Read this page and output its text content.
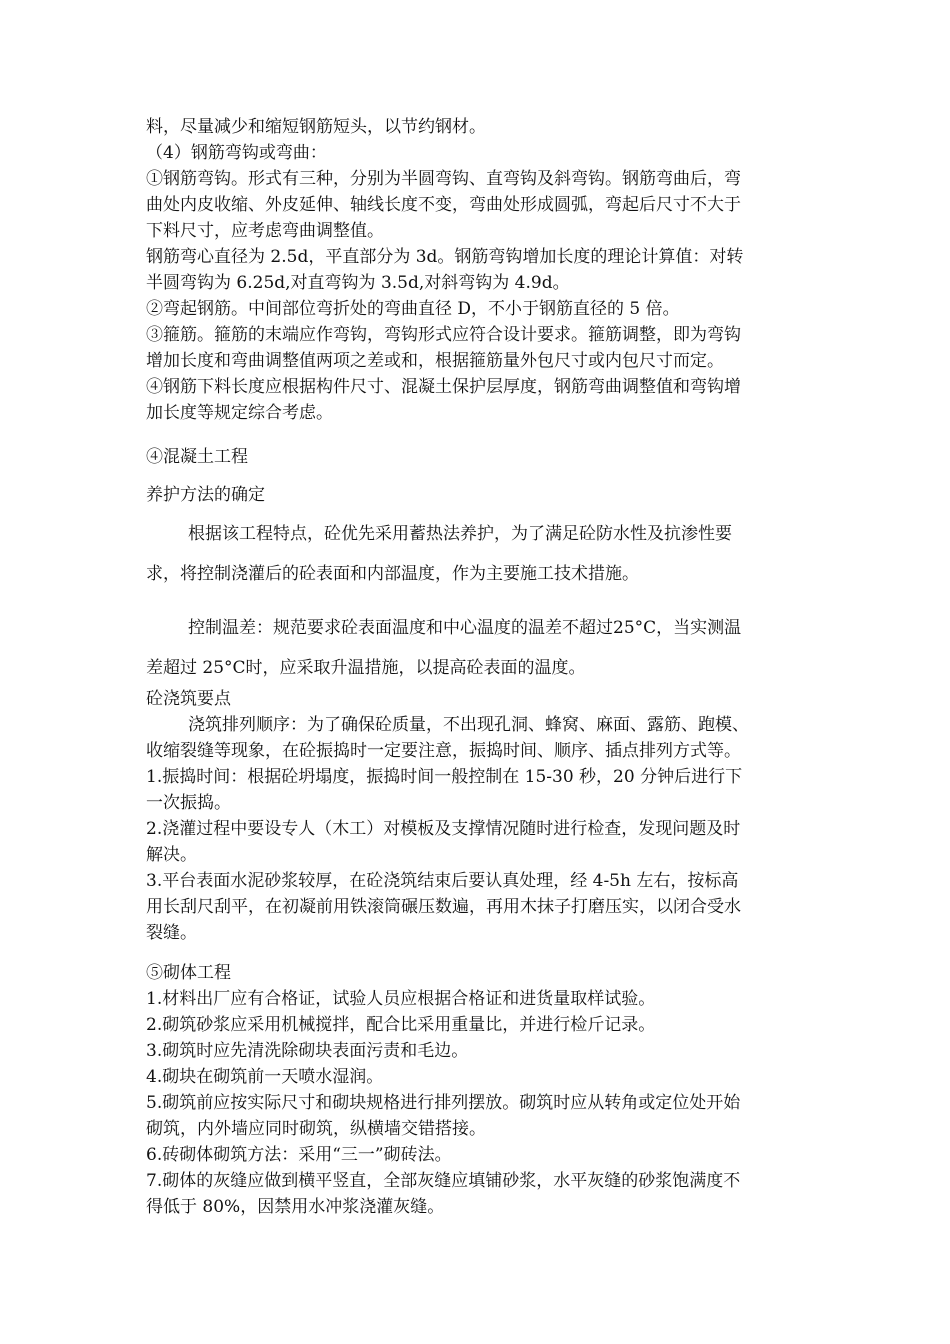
料，尽量减少和缩短钢筋短头，以节约钢材。

（4）钢筋弯钩或弯曲：

①钢筋弯钩。形式有三种，分别为半圆弯钩、直弯钩及斜弯钩。钢筋弯曲后，弯

曲处内皮收缩、外皮延伸、轴线长度不变，弯曲处形成圆弧，弯起后尺寸不大于

下料尺寸，应考虑弯曲调整值。

钢筋弯心直径为 2.5d，平直部分为 3d。钢筋弯钩增加长度的理论计算值：对转

半圆弯钩为 6.25d,对直弯钩为 3.5d,对斜弯钩为 4.9d。

②弯起钢筋。中间部位弯折处的弯曲直径 D，不小于钢筋直径的 5 倍。

③箍筋。箍筋的末端应作弯钩，弯钩形式应符合设计要求。箍筋调整，即为弯钩

增加长度和弯曲调整值两项之差或和，根据箍筋量外包尺寸或内包尺寸而定。

④钢筋下料长度应根据构件尺寸、混凝土保护层厚度，钢筋弯曲调整值和弯钩增

加长度等规定综合考虑。

④混凝土工程

养护方法的确定

根据该工程特点，砼优先采用蓄热法养护，为了满足砼防水性及抗渗性要

求，将控制浇灌后的砼表面和内部温度，作为主要施工技术措施。

控制温差：规范要求砼表面温度和中心温度的温差不超过25°C，当实测温

差超过 25°C时，应采取升温措施，以提高砼表面的温度。

砼浇筑要点

浇筑排列顺序：为了确保砼质量，不出现孔洞、蜂窝、麻面、露筋、跑模、

收缩裂缝等现象，在砼振捣时一定要注意，振捣时间、顺序、插点排列方式等。

1.振捣时间：根据砼坍塌度，振捣时间一般控制在 15-30 秒，20 分钟后进行下

一次振捣。

2.浇灌过程中要设专人（木工）对模板及支撑情况随时进行检查，发现问题及时

解决。

3.平台表面水泥砂浆较厚，在砼浇筑结束后要认真处理，经 4-5h 左右，按标高

用长刮尺刮平，在初凝前用铁滚筒碾压数遍，再用木抹子打磨压实，以闭合受水

裂缝。

⑤砌体工程

1.材料出厂应有合格证，试验人员应根据合格证和进货量取样试验。

2.砌筑砂浆应采用机械搅拌，配合比采用重量比，并进行检斤记录。

3.砌筑时应先清洗除砌块表面污责和毛边。

4.砌块在砌筑前一天喷水湿润。

5.砌筑前应按实际尺寸和砌块规格进行排列摆放。砌筑时应从转角或定位处开始

砌筑，内外墙应同时砌筑，纵横墙交错搭接。

6.砖砌体砌筑方法：采用“三一”砌砖法。

7.砌体的灰缝应做到横平竖直，全部灰缝应填铺砂浆，水平灰缝的砂浆饱满度不

得低于 80%，因禁用水冲浆浇灌灰缝。
